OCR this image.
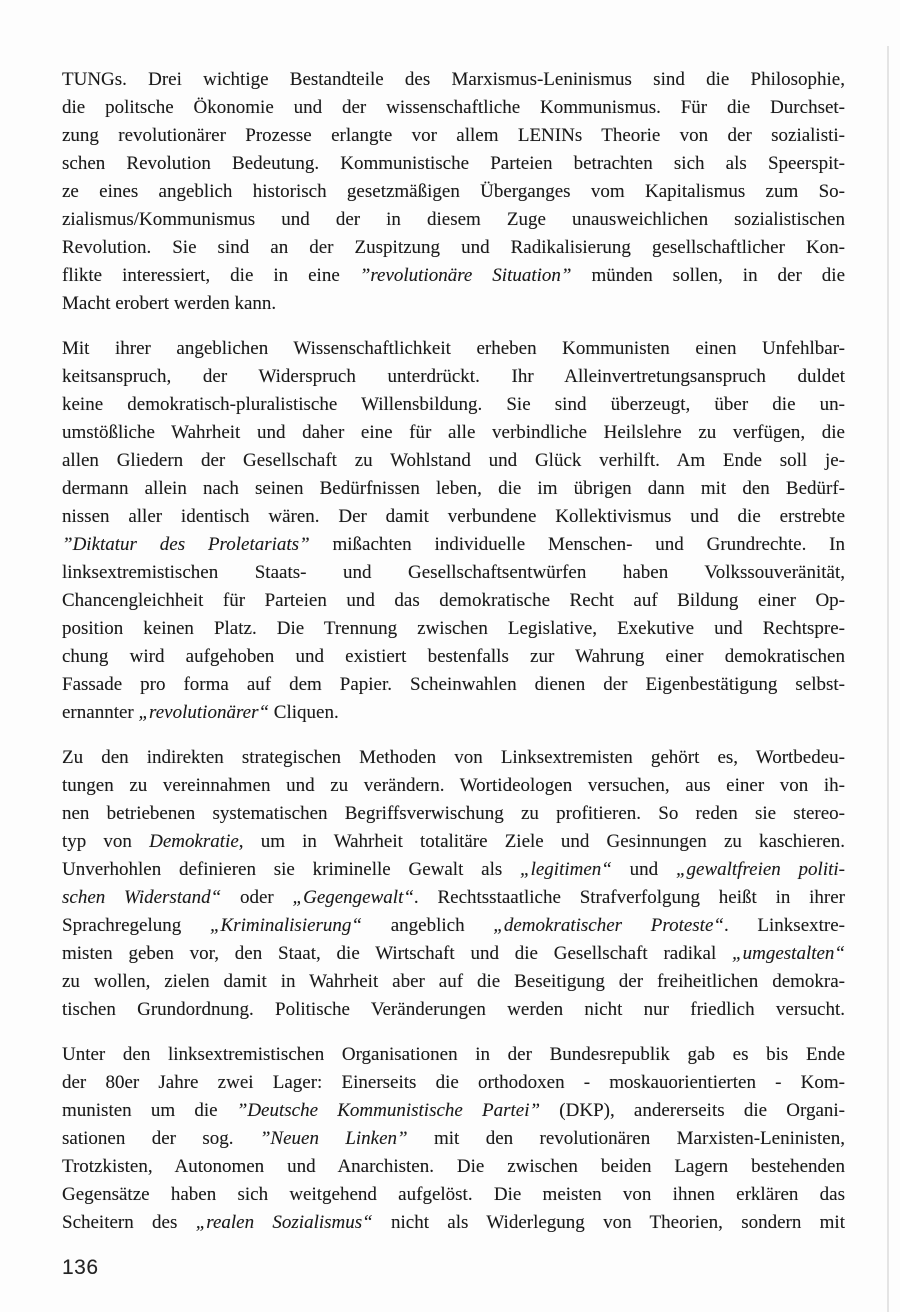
TUNGs. Drei wichtige Bestandteile des Marxismus-Leninismus sind die Philosophie,
die politsche Ökonomie und der wissenschaftliche Kommunismus. Für die Durchset-
zung revolutionärer Prozesse erlangte vor allem LENINs Theorie von der sozialisti-
schen Revolution Bedeutung. Kommunistische Parteien betrachten sich als Speerspit-
ze eines angeblich historisch gesetzmäßigen Überganges vom Kapitalismus zum So-
zialismus/Kommunismus und der in diesem Zuge unausweichlichen sozialistischen
Revolution. Sie sind an der Zuspitzung und Radikalisierung gesellschaftlicher Kon-
flikte interessiert, die in eine ”revolutionäre Situation” münden sollen, in der die
Macht erobert werden kann.

Mit ihrer angeblichen Wissenschaftlichkeit erheben Kommunisten einen Unfehlbar-
keitsanspruch, der Widerspruch unterdrückt. Ihr Alleinvertretungsanspruch duldet
keine demokratisch-pluralistische Willensbildung. Sie sind überzeugt, über die un-
umstößliche Wahrheit und daher eine für alle verbindliche Heilslehre zu verfügen, die
allen Gliedern der Gesellschaft zu Wohlstand und Glück verhilft. Am Ende soll je-
dermann allein nach seinen Bedürfnissen leben, die im übrigen dann mit den Bedürf-
nissen aller identisch wären. Der damit verbundene Kollektivismus und die erstrebte
”Diktatur des Proletariats” mißachten individuelle Menschen- und Grundrechte. In
linksextremistischen Staats- und Gesellschaftsentwürfen haben Volkssouveränität,
Chancengleichheit für Parteien und das demokratische Recht auf Bildung einer Op-
position keinen Platz. Die Trennung zwischen Legislative, Exekutive und Rechtspre-
chung wird aufgehoben und existiert bestenfalls zur Wahrung einer demokratischen
Fassade pro forma auf dem Papier. Scheinwahlen dienen der Eigenbestätigung selbst-
ernannter „revolutionärer“ Cliquen.

Zu den indirekten strategischen Methoden von Linksextremisten gehört es, Wortbedeu-
tungen zu vereinnahmen und zu verändern. Wortideologen versuchen, aus einer von ih-
nen betriebenen systematischen Begriffsverwischung zu profitieren. So reden sie stereo-
typ von Demokratie, um in Wahrheit totalitäre Ziele und Gesinnungen zu kaschieren.
Unverhohlen definieren sie kriminelle Gewalt als „legitimen“ und „gewaltfreien politi-
schen Widerstand“ oder „Gegengewalt“. Rechtsstaatliche Strafverfolgung heißt in ihrer
Sprachregelung „Kriminalisierung“ angeblich „demokratischer Proteste“. Linksextre-
misten geben vor, den Staat, die Wirtschaft und die Gesellschaft radikal „umgestalten“
zu wollen, zielen damit in Wahrheit aber auf die Beseitigung der freiheitlichen demokra-
tischen Grundordnung. Politische Veränderungen werden nicht nur friedlich versucht.

Unter den linksextremistischen Organisationen in der Bundesrepublik gab es bis Ende
der 80er Jahre zwei Lager: Einerseits die orthodoxen - moskauorientierten - Kom-
munisten um die ”Deutsche Kommunistische Partei” (DKP), andererseits die Organi-
sationen der sog. ”Neuen Linken” mit den revolutionären Marxisten-Leninisten,
Trotzkisten, Autonomen und Anarchisten. Die zwischen beiden Lagern bestehenden
Gegensätze haben sich weitgehend aufgelöst. Die meisten von ihnen erklären das
Scheitern des „realen Sozialismus“ nicht als Widerlegung von Theorien, sondern mit

136
